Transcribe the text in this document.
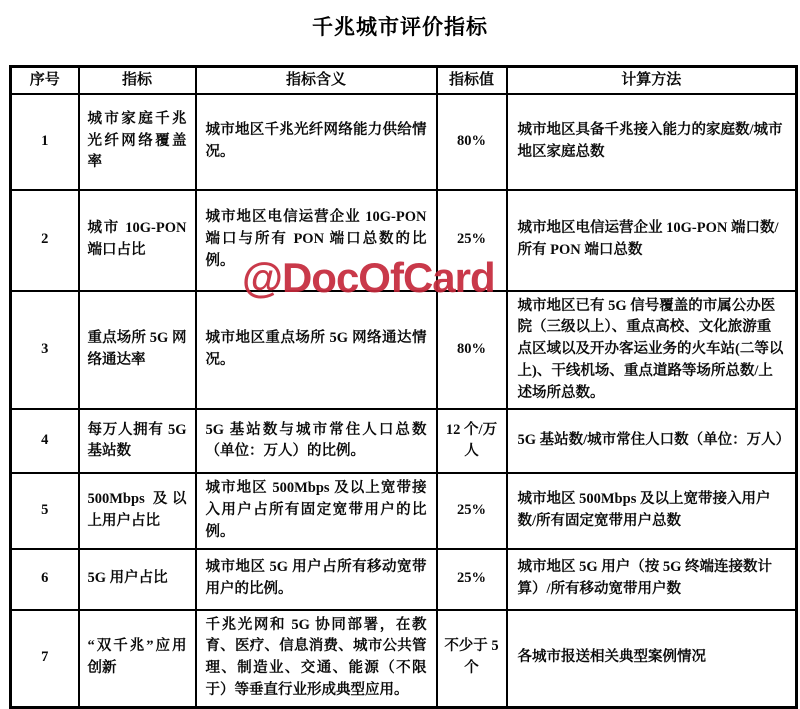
千兆城市评价指标
序号	指标	指标含义	指标值	计算方法
1	城市家庭千兆光纤网络覆盖率	城市地区千兆光纤网络能力供给情况。	80%	城市地区具备千兆接入能力的家庭数/城市地区家庭总数
2	城市 10G-PON 端口占比	城市地区电信运营企业 10G-PON 端口与所有 PON 端口总数的比例。	25%	城市地区电信运营企业 10G-PON 端口数/所有 PON 端口总数
3	重点场所 5G 网络通达率	城市地区重点场所 5G 网络通达情况。	80%	城市地区已有 5G 信号覆盖的市属公办医院（三级以上）、重点高校、文化旅游重点区域以及开办客运业务的火车站(二等以上)、干线机场、重点道路等场所总数/上述场所总数。
4	每万人拥有 5G 基站数	5G 基站数与城市常住人口总数（单位：万人）的比例。	12 个/万人	5G 基站数/城市常住人口数（单位：万人）
5	500Mbps 及以上用户占比	城市地区 500Mbps 及以上宽带接入用户占所有固定宽带用户的比例。	25%	城市地区 500Mbps 及以上宽带接入用户数/所有固定宽带用户总数
6	5G 用户占比	城市地区 5G 用户占所有移动宽带用户的比例。	25%	城市地区 5G 用户（按 5G 终端连接数计算）/所有移动宽带用户数
7	“双千兆”应用创新	千兆光网和 5G 协同部署，在教育、医疗、信息消费、城市公共管理、制造业、交通、能源（不限于）等垂直行业形成典型应用。	不少于 5 个	各城市报送相关典型案例情况
@DocOfCard
